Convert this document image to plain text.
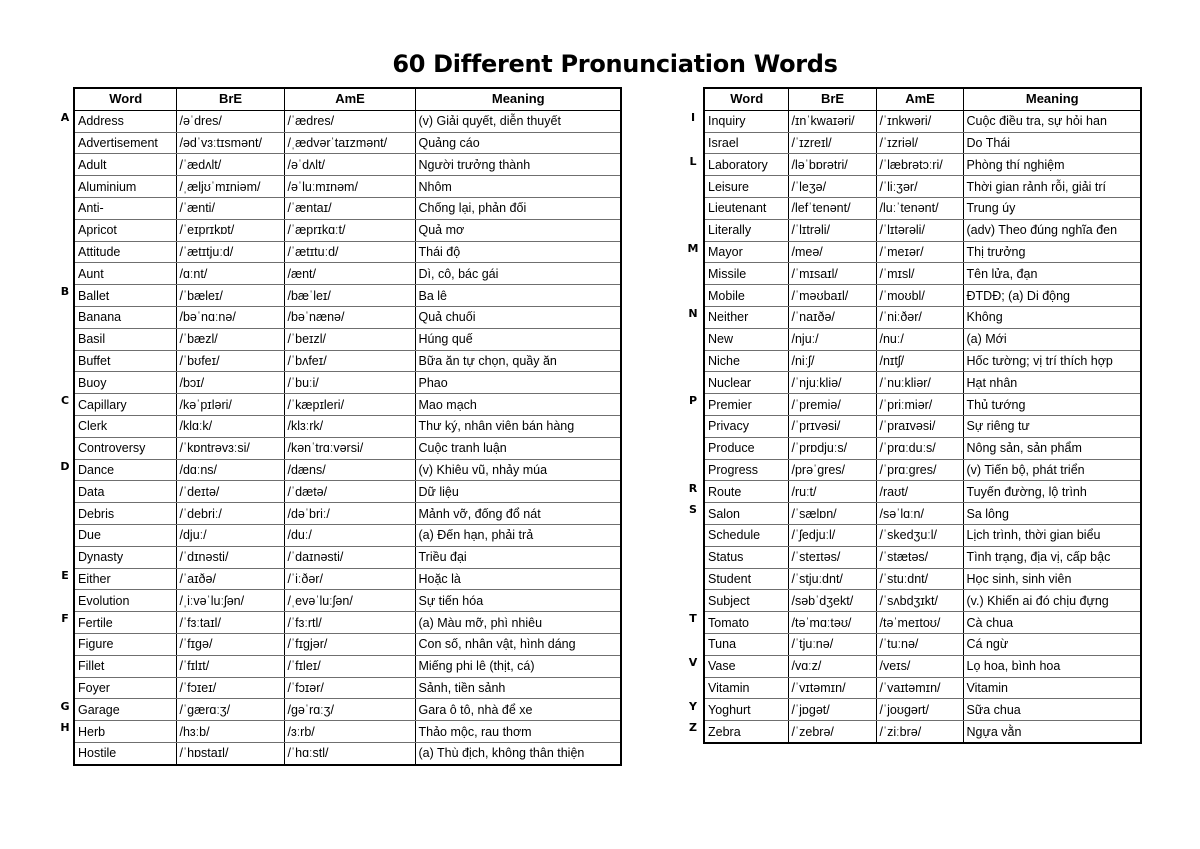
60 Different Pronunciation Words
A
B
C
D
E
F
G
H
Word	BrE	AmE	Meaning
Address	/əˈdres/	/ˈædres/	(v) Giải quyết, diễn thuyết
Advertisement	/ədˈvɜːtɪsmənt/	/ˌædvərˈtaɪzmənt/	Quảng cáo
Adult	/ˈædʌlt/	/əˈdʌlt/	Người trưởng thành
Aluminium	/ˌæljʊˈmɪniəm/	/əˈluːmɪnəm/	Nhôm
Anti-	/ˈænti/	/ˈæntaɪ/	Chống lại, phản đối
Apricot	/ˈeɪprɪkɒt/	/ˈæprɪkɑːt/	Quả mơ
Attitude	/ˈætɪtjuːd/	/ˈætɪtuːd/	Thái độ
Aunt	/ɑːnt/	/ænt/	Dì, cô, bác gái
Ballet	/ˈbæleɪ/	/bæˈleɪ/	Ba lê
Banana	/bəˈnɑːnə/	/bəˈnænə/	Quả chuối
Basil	/ˈbæzl/	/ˈbeɪzl/	Húng quế
Buffet	/ˈbʊfeɪ/	/ˈbʌfeɪ/	Bữa ăn tự chọn, quầy ăn
Buoy	/bɔɪ/	/ˈbuːi/	Phao
Capillary	/kəˈpɪləri/	/ˈkæpɪleri/	Mao mạch
Clerk	/klɑːk/	/klɜːrk/	Thư ký, nhân viên bán hàng
Controversy	/ˈkɒntrəvɜːsi/	/kənˈtrɑːvərsi/	Cuộc tranh luận
Dance	/dɑːns/	/dæns/	(v) Khiêu vũ, nhảy múa
Data	/ˈdeɪtə/	/ˈdætə/	Dữ liệu
Debris	/ˈdebriː/	/dəˈbriː/	Mảnh vỡ, đống đổ nát
Due	/djuː/	/duː/	(a) Đến hạn, phải trả
Dynasty	/ˈdɪnəsti/	/ˈdaɪnəsti/	Triều đại
Either	/ˈaɪðə/	/ˈiːðər/	Hoặc là
Evolution	/ˌiːvəˈluːʃən/	/ˌevəˈluːʃən/	Sự tiến hóa
Fertile	/ˈfɜːtaɪl/	/ˈfɜːrtl/	(a) Màu mỡ, phì nhiêu
Figure	/ˈfɪɡə/	/ˈfɪɡjər/	Con số, nhân vật, hình dáng
Fillet	/ˈfɪlɪt/	/ˈfɪleɪ/	Miếng phi lê (thịt, cá)
Foyer	/ˈfɔɪeɪ/	/ˈfɔɪər/	Sảnh, tiền sảnh
Garage	/ˈɡærɑːʒ/	/ɡəˈrɑːʒ/	Gara ô tô, nhà để xe
Herb	/hɜːb/	/ɜːrb/	Thảo mộc, rau thơm
Hostile	/ˈhɒstaɪl/	/ˈhɑːstl/	(a) Thù địch, không thân thiện
I
L
M
N
P
R
S
T
V
Y
Z
Word	BrE	AmE	Meaning
Inquiry	/ɪnˈkwaɪəri/	/ˈɪnkwəri/	Cuộc điều tra, sự hỏi han
Israel	/ˈɪzreɪl/	/ˈɪzriəl/	Do Thái
Laboratory	/ləˈbɒrətri/	/ˈlæbrətɔːri/	Phòng thí nghiệm
Leisure	/ˈleʒə/	/ˈliːʒər/	Thời gian rảnh rỗi, giải trí
Lieutenant	/lefˈtenənt/	/luːˈtenənt/	Trung úy
Literally	/ˈlɪtrəli/	/ˈlɪtərəli/	(adv) Theo đúng nghĩa đen
Mayor	/meə/	/ˈmeɪər/	Thị trưởng
Missile	/ˈmɪsaɪl/	/ˈmɪsl/	Tên lửa, đạn
Mobile	/ˈməʊbaɪl/	/ˈmoʊbl/	ĐTDĐ; (a) Di động
Neither	/ˈnaɪðə/	/ˈniːðər/	Không
New	/njuː/	/nuː/	(a) Mới
Niche	/niːʃ/	/nɪtʃ/	Hốc tường; vị trí thích hợp
Nuclear	/ˈnjuːkliə/	/ˈnuːkliər/	Hạt nhân
Premier	/ˈpremiə/	/ˈpriːmiər/	Thủ tướng
Privacy	/ˈprɪvəsi/	/ˈpraɪvəsi/	Sự riêng tư
Produce	/ˈprɒdjuːs/	/ˈprɑːduːs/	Nông sản, sản phẩm
Progress	/prəˈɡres/	/ˈprɑːɡres/	(v) Tiến bộ, phát triển
Route	/ruːt/	/raʊt/	Tuyến đường, lộ trình
Salon	/ˈsælɒn/	/səˈlɑːn/	Sa lông
Schedule	/ˈʃedjuːl/	/ˈskedʒuːl/	Lịch trình, thời gian biểu
Status	/ˈsteɪtəs/	/ˈstætəs/	Tình trạng, địa vị, cấp bậc
Student	/ˈstjuːdnt/	/ˈstuːdnt/	Học sinh, sinh viên
Subject	/səbˈdʒekt/	/ˈsʌbdʒɪkt/	(v.) Khiến ai đó chịu đựng
Tomato	/təˈmɑːtəʊ/	/təˈmeɪtoʊ/	Cà chua
Tuna	/ˈtjuːnə/	/ˈtuːnə/	Cá ngừ
Vase	/vɑːz/	/veɪs/	Lọ hoa, bình hoa
Vitamin	/ˈvɪtəmɪn/	/ˈvaɪtəmɪn/	Vitamin
Yoghurt	/ˈjɒɡət/	/ˈjoʊɡərt/	Sữa chua
Zebra	/ˈzebrə/	/ˈziːbrə/	Ngựa vằn
